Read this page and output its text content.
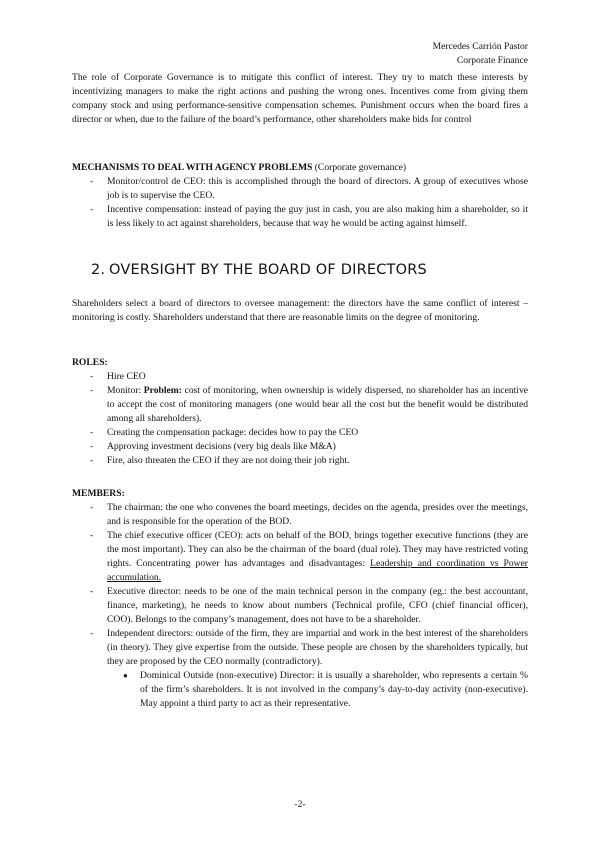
Mercedes Carrión Pastor
Corporate Finance

The role of Corporate Governance is to mitigate this conflict of interest. They try to match these interests by incentivizing managers to make the right actions and pushing the wrong ones. Incentives come from giving them company stock and using performance-sensitive compensation schemes. Punishment occurs when the board fires a director or when, due to the failure of the board’s performance, other shareholders make bids for control

MECHANISMS TO DEAL WITH AGENCY PROBLEMS (Corporate governance)

- Monitor/control de CEO: this is accomplished through the board of directors. A group of executives whose job is to supervise the CEO.
- Incentive compensation: instead of paying the guy just in cash, you are also making him a shareholder, so it is less likely to act against shareholders, because that way he would be acting against himself.
2. OVERSIGHT BY THE BOARD OF DIRECTORS

Shareholders select a board of directors to oversee management: the directors have the same conflict of interest – monitoring is costly. Shareholders understand that there are reasonable limits on the degree of monitoring.

ROLES:

- Hire CEO
- Monitor: Problem: cost of monitoring, when ownership is widely dispersed, no shareholder has an incentive to accept the cost of monitoring managers (one would bear all the cost but the benefit would be distributed among all shareholders).
- Creating the compensation package: decides how to pay the CEO
- Approving investment decisions (very big deals like M&A)
- Fire, also threaten the CEO if they are not doing their job right.

MEMBERS:

- The chairman: the one who convenes the board meetings, decides on the agenda, presides over the meetings, and is responsible for the operation of the BOD.
- The chief executive officer (CEO): acts on behalf of the BOD, brings together executive functions (they are the most important). They can also be the chairman of the board (dual role). They may have restricted voting rights. Concentrating power has advantages and disadvantages: Leadership and coordination vs Power accumulation.
- Executive director: needs to be one of the main technical person in the company (eg.: the best accountant, finance, marketing), he needs to know about numbers (Technical profile, CFO (chief financial officer), COO). Belongs to the company’s management, does not have to be a shareholder.
- Independent directors: outside of the firm, they are impartial and work in the best interest of the shareholders (in theory). They give expertise from the outside. These people are chosen by the shareholders typically, but they are proposed by the CEO normally (contradictory).
● Dominical Outside (non-executive) Director: it is usually a shareholder, who represents a certain % of the firm’s shareholders. It is not involved in the company’s day-to-day activity (non-executive). May appoint a third party to act as their representative.
-2-
